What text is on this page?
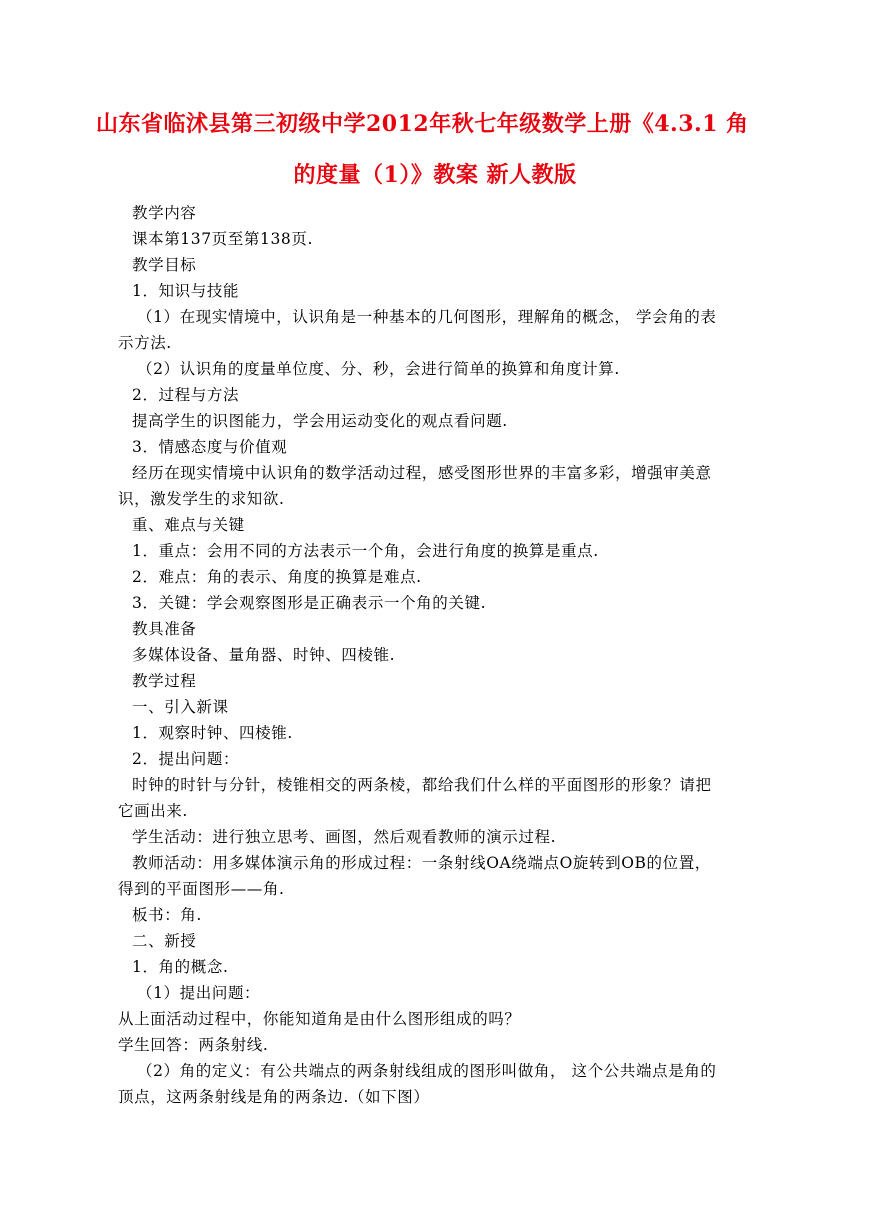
山东省临沭县第三初级中学2012年秋七年级数学上册《4.3.1 角
的度量（1）》教案 新人教版
教学内容
课本第137页至第138页.
教学目标
1．知识与技能
（1）在现实情境中，认识角是一种基本的几何图形，理解角的概念， 学会角的表
示方法.
（2）认识角的度量单位度、分、秒，会进行简单的换算和角度计算.
2．过程与方法
提高学生的识图能力，学会用运动变化的观点看问题.
3．情感态度与价值观
经历在现实情境中认识角的数学活动过程，感受图形世界的丰富多彩，增强审美意
识，激发学生的求知欲.
重、难点与关键
1．重点：会用不同的方法表示一个角，会进行角度的换算是重点.
2．难点：角的表示、角度的换算是难点.
3．关键：学会观察图形是正确表示一个角的关键.
教具准备
多媒体设备、量角器、时钟、四棱锥.
教学过程
一、引入新课
1．观察时钟、四棱锥.
2．提出问题：
时钟的时针与分针，棱锥相交的两条棱，都给我们什么样的平面图形的形象？请把
它画出来.
学生活动：进行独立思考、画图，然后观看教师的演示过程.
教师活动：用多媒体演示角的形成过程：一条射线OA绕端点O旋转到OB的位置，
得到的平面图形——角.
板书：角.
二、新授
1．角的概念.
（1）提出问题：
从上面活动过程中，你能知道角是由什么图形组成的吗？
学生回答：两条射线.
（2）角的定义：有公共端点的两条射线组成的图形叫做角， 这个公共端点是角的
顶点，这两条射线是角的两条边.（如下图）
